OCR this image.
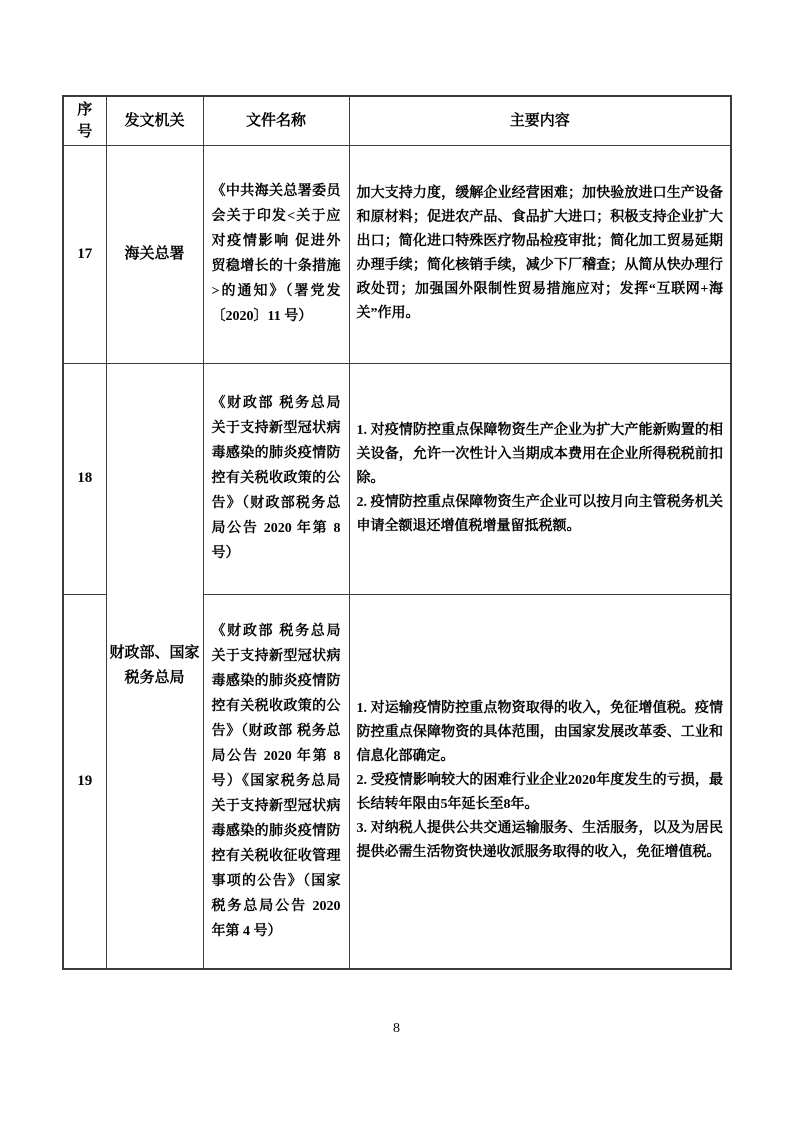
序号	发文机关	文件名称	主要内容
17	海关总署	《中共海关总署委员会关于印发<关于应对疫情影响 促进外贸稳增长的十条措施>的通知》（署党发〔2020〕11 号）	加大支持力度，缓解企业经营困难；加快验放进口生产设备和原材料；促进农产品、食品扩大进口；积极支持企业扩大出口；简化进口特殊医疗物品检疫审批；简化加工贸易延期办理手续；简化核销手续，减少下厂稽查；从简从快办理行政处罚；加强国外限制性贸易措施应对；发挥“互联网+海关”作用。

18	财政部、国家税务总局	《财政部 税务总局关于支持新型冠状病毒感染的肺炎疫情防控有关税收政策的公告》（财政部税务总局公告 2020 年第 8 号）	1. 对疫情防控重点保障物资生产企业为扩大产能新购置的相关设备，允许一次性计入当期成本费用在企业所得税税前扣除。

2. 疫情防控重点保障物资生产企业可以按月向主管税务机关申请全额退还增值税增量留抵税额。

19		《财政部 税务总局关于支持新型冠状病毒感染的肺炎疫情防控有关税收政策的公告》（财政部 税务总局公告 2020 年第 8 号）《国家税务总局关于支持新型冠状病毒感染的肺炎疫情防控有关税收征收管理事项的公告》（国家税务总局公告 2020 年第 4 号）	1. 对运输疫情防控重点物资取得的收入，免征增值税。疫情防控重点保障物资的具体范围，由国家发展改革委、工业和信息化部确定。

2. 受疫情影响较大的困难行业企业2020年度发生的亏损，最长结转年限由5年延长至8年。

3. 对纳税人提供公共交通运输服务、生活服务，以及为居民提供必需生活物资快递收派服务取得的收入，免征增值税。

8
